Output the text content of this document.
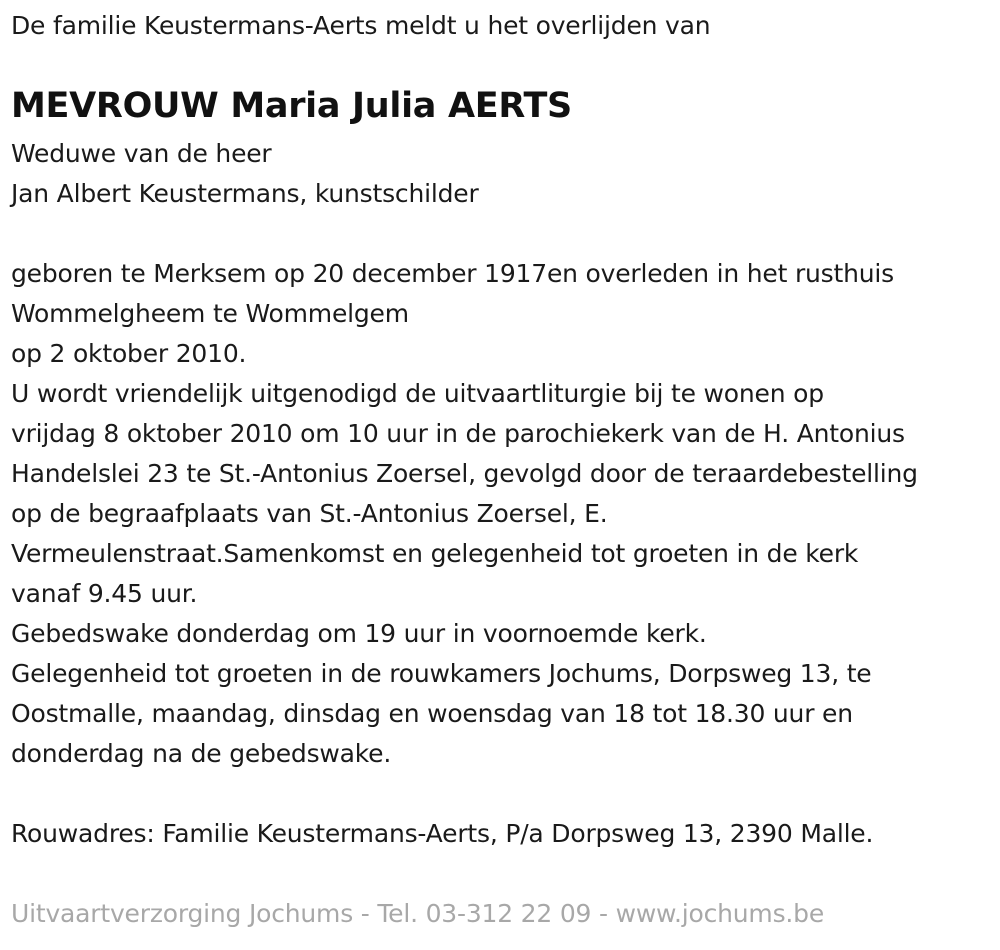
De familie Keustermans-Aerts meldt u het overlijden van
MEVROUW Maria Julia AERTS
Weduwe van de heer
Jan Albert Keustermans, kunstschilder
geboren te Merksem op 20 december 1917en overleden in het rusthuis
Wommelgheem te Wommelgem
op 2 oktober 2010.
U wordt vriendelijk uitgenodigd de uitvaartliturgie bij te wonen op
vrijdag 8 oktober 2010 om 10 uur in de parochiekerk van de H. Antonius
Handelslei 23 te St.-Antonius Zoersel, gevolgd door de teraardebestelling
op de begraafplaats van St.-Antonius Zoersel, E.
Vermeulenstraat.Samenkomst en gelegenheid tot groeten in de kerk
vanaf 9.45 uur.
Gebedswake donderdag om 19 uur in voornoemde kerk.
Gelegenheid tot groeten in de rouwkamers Jochums, Dorpsweg 13, te
Oostmalle, maandag, dinsdag en woensdag van 18 tot 18.30 uur en
donderdag na de gebedswake.
Rouwadres: Familie Keustermans-Aerts, P/a Dorpsweg 13, 2390 Malle.
Uitvaartverzorging Jochums - Tel. 03-312 22 09 - www.jochums.be
